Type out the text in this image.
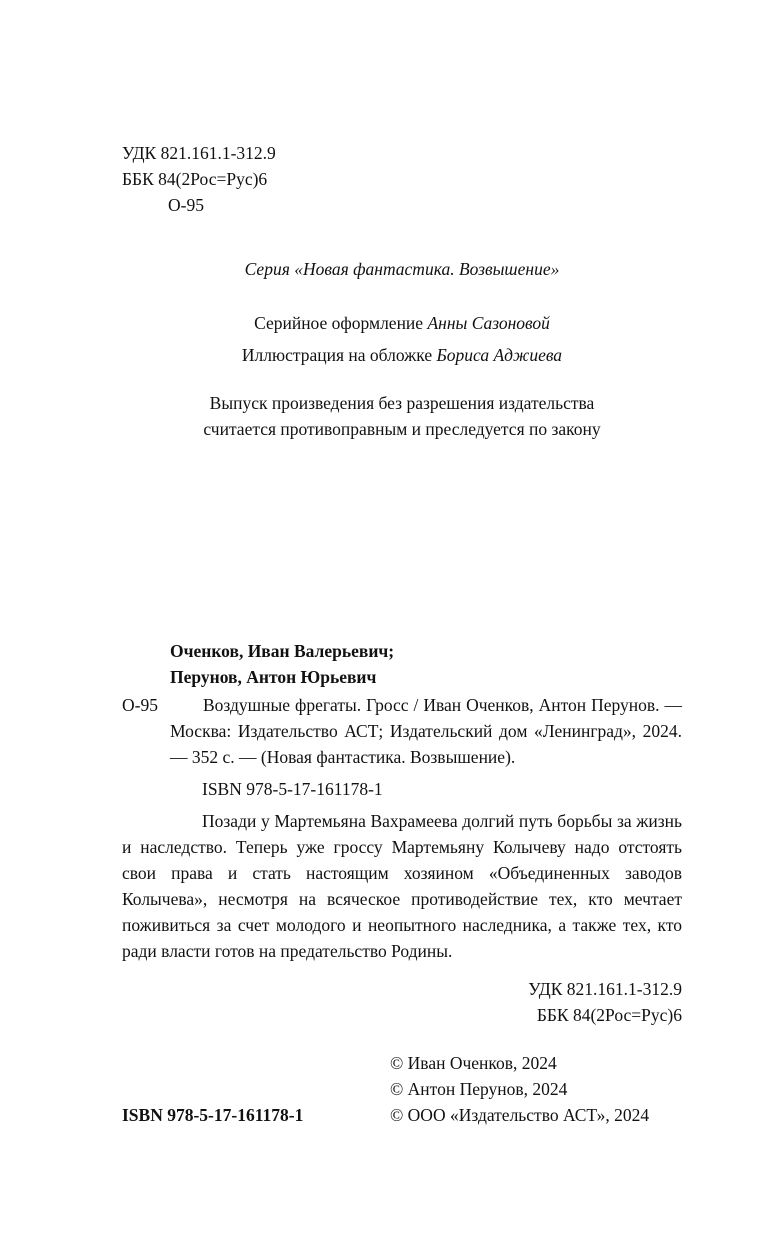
УДК 821.161.1-312.9
ББК 84(2Рос=Рус)6
О-95
Серия «Новая фантастика. Возвышение»
Серийное оформление Анны Сазоновой
Иллюстрация на обложке Бориса Аджиева
Выпуск произведения без разрешения издательства
считается противоправным и преследуется по закону
Оченков, Иван Валерьевич;
Перунов, Антон Юрьевич
О-95	Воздушные фрегаты. Гросс / Иван Оченков, Антон Перунов. — Москва: Издательство АСТ; Издательский дом «Ленинград», 2024. — 352 с. — (Новая фантастика. Возвышение).

ISBN 978-5-17-161178-1

Позади у Мартемьяна Вахрамеева долгий путь борьбы за жизнь и наследство. Теперь уже гроссу Мартемьяну Колычеву надо отстоять свои права и стать настоящим хозяином «Объединенных заводов Колычева», несмотря на всяческое противодействие тех, кто мечтает поживиться за счет молодого и неопытного наследника, а также тех, кто ради власти готов на предательство Родины.

УДК 821.161.1-312.9
ББК 84(2Рос=Рус)6
© Иван Оченков, 2024
© Антон Перунов, 2024
© ООО «Издательство АСТ», 2024
ISBN 978-5-17-161178-1
